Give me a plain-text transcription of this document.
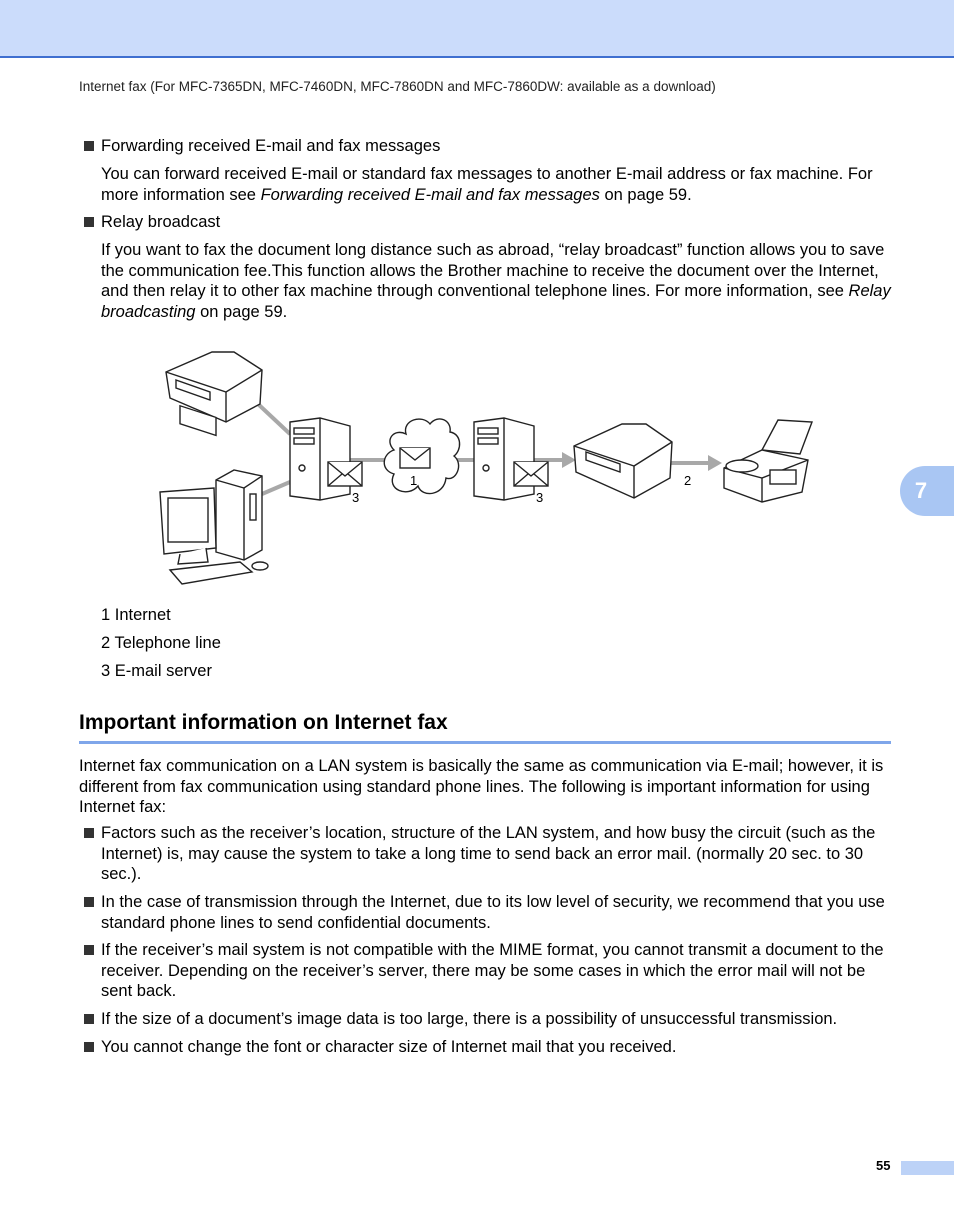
Internet fax (For MFC-7365DN, MFC-7460DN, MFC-7860DN and MFC-7860DW: available as a download)
7
Forwarding received E-mail and fax messages

You can forward received E-mail or standard fax messages to another E-mail address or fax machine. For more information see Forwarding received E-mail and fax messages on page 59.

Relay broadcast

If you want to fax the document long distance such as abroad, “relay broadcast” function allows you to save the communication fee.This function allows the Brother machine to receive the document over the Internet, and then relay it to other fax machine through conventional telephone lines. For more information, see Relay broadcasting on page 59.

3
1
3
2
1 Internet
2 Telephone line
3 E-mail server
Important information on Internet fax

Internet fax communication on a LAN system is basically the same as communication via E-mail; however, it is different from fax communication using standard phone lines. The following is important information for using Internet fax:

Factors such as the receiver’s location, structure of the LAN system, and how busy the circuit (such as the Internet) is, may cause the system to take a long time to send back an error mail. (normally 20 sec. to 30 sec.).
In the case of transmission through the Internet, due to its low level of security, we recommend that you use standard phone lines to send confidential documents.
If the receiver’s mail system is not compatible with the MIME format, you cannot transmit a document to the receiver. Depending on the receiver’s server, there may be some cases in which the error mail will not be sent back.
If the size of a document’s image data is too large, there is a possibility of unsuccessful transmission.
You cannot change the font or character size of Internet mail that you received.
55
